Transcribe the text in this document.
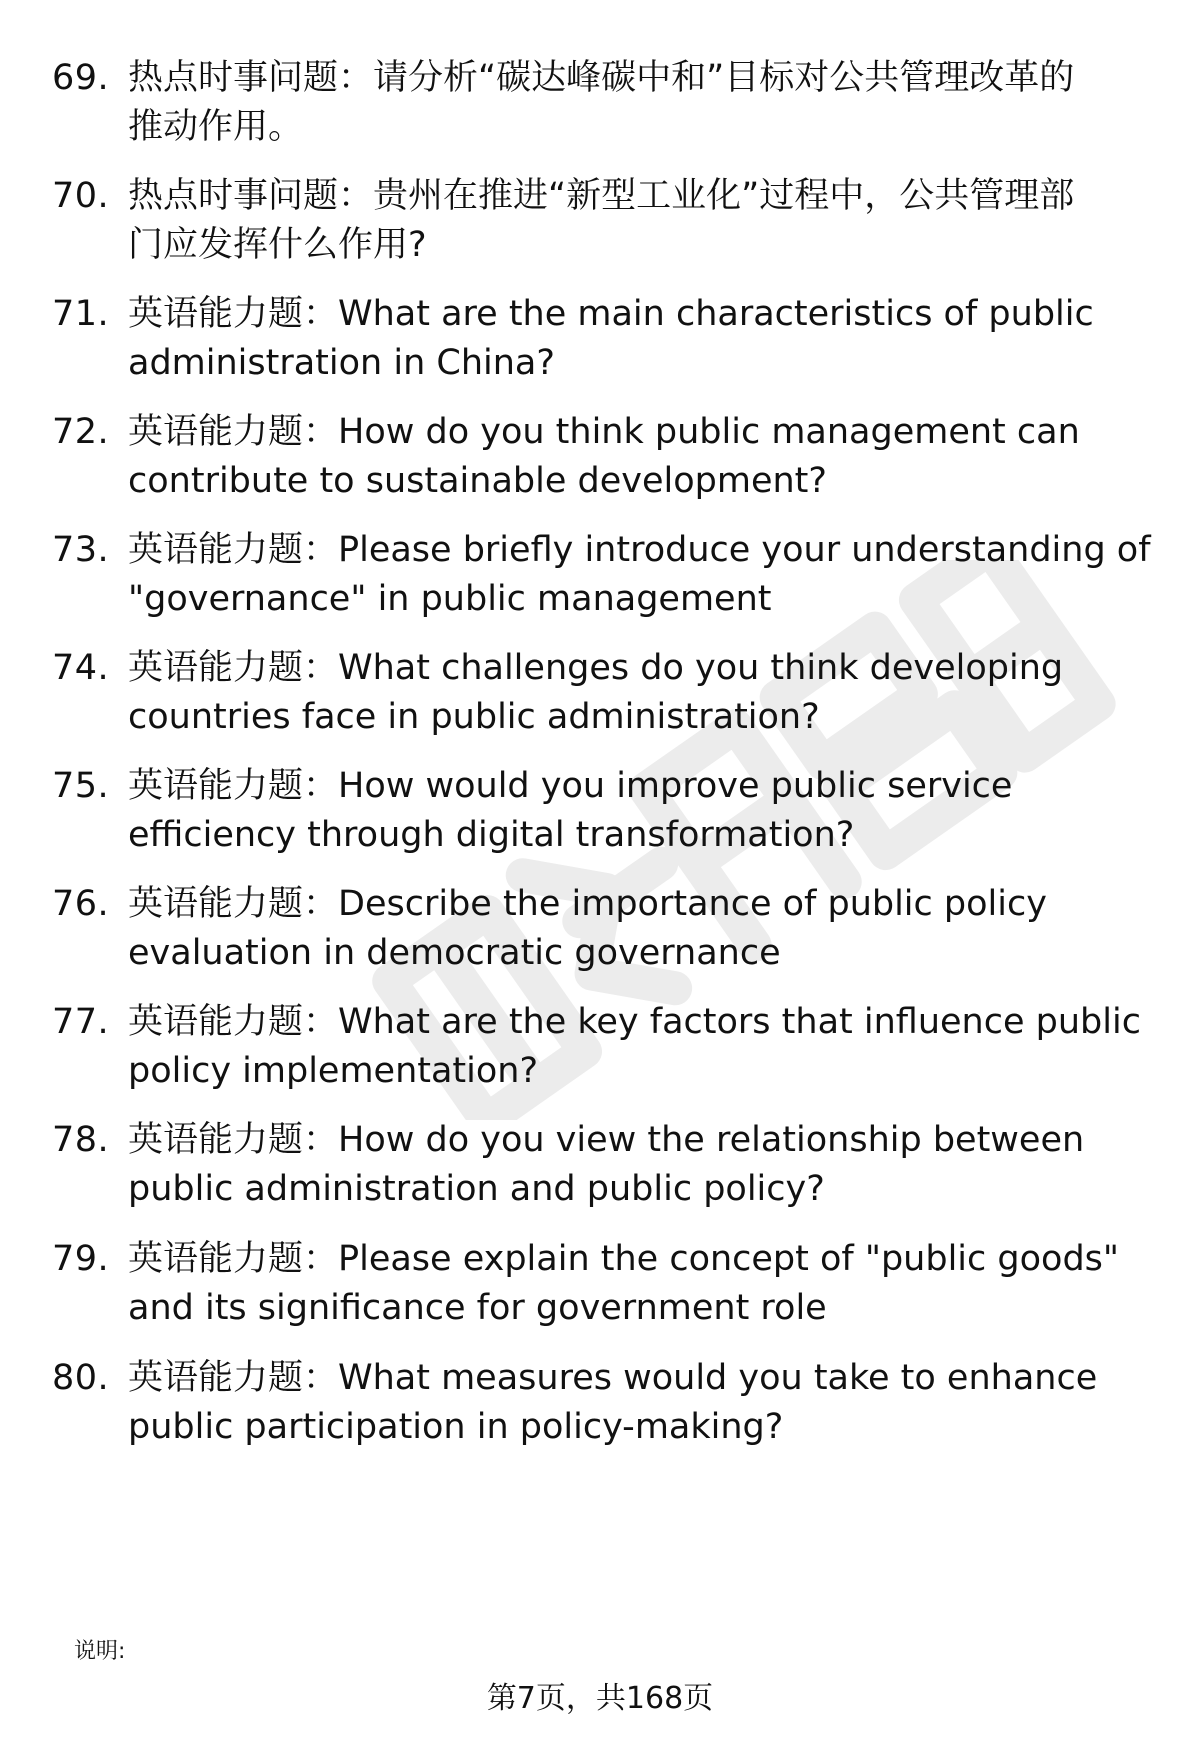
69. 热点时事问题：请分析“碳达峰碳中和”目标对公共管理改革的
推动作用。
70. 热点时事问题：贵州在推进“新型工业化”过程中，公共管理部
门应发挥什么作用?
71. 英语能力题：What are the main characteristics of public
administration in China?
72. 英语能力题：How do you think public management can
contribute to sustainable development?
73. 英语能力题：Please briefly introduce your understanding of
"governance" in public management
74. 英语能力题：What challenges do you think developing
countries face in public administration?
75. 英语能力题：How would you improve public service
efficiency through digital transformation?
76. 英语能力题：Describe the importance of public policy
evaluation in democratic governance
77. 英语能力题：What are the key factors that influence public
policy implementation?
78. 英语能力题：How do you view the relationship between
public administration and public policy?
79. 英语能力题：Please explain the concept of "public goods"
and its significance for government role
80. 英语能力题：What measures would you take to enhance
public participation in policy-making?
说明:
第7页，共168页
